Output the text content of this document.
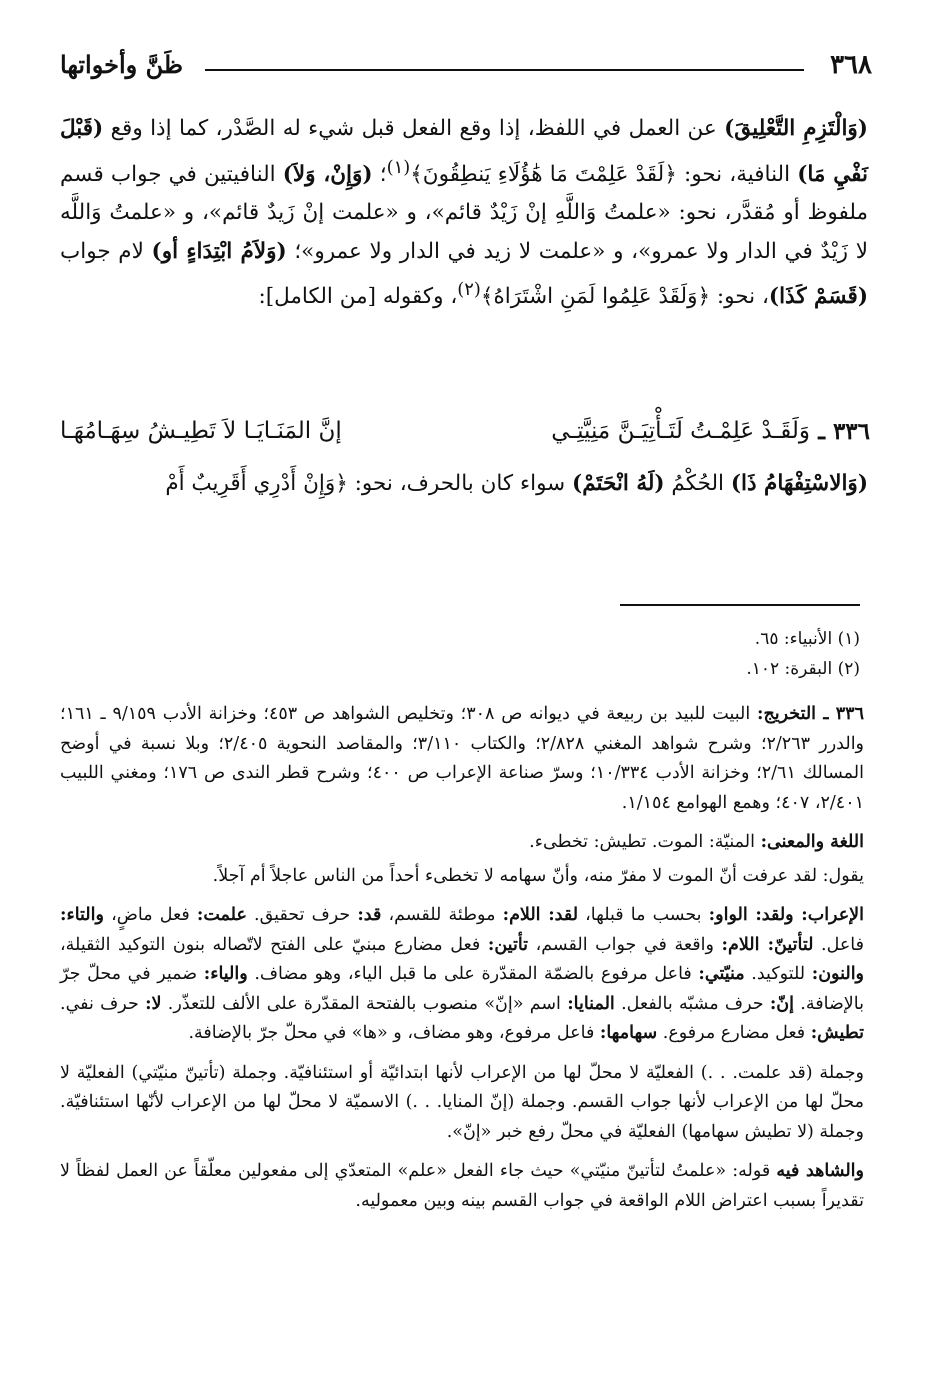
٣٦٨
ظَنَّ وأخواتها

(وَالْتَزِمِ التَّعْلِيقَ) عن العمل في اللفظ، إذا وقع الفعل قبل شيء له الصَّدْر، كما إذا وقع (قَبْلَ نَفْيِ مَا) النافية، نحو: ﴿لَقَدْ عَلِمْتَ مَا هَٰؤُلَاءِ يَنطِقُونَ﴾$^{(١)}$؛ (وَإِنْ، وَلاَ) النافيتين في جواب قسم ملفوظ أو مُقدَّر، نحو: «علمتُ وَاللَّهِ إنْ زَيْدٌ قائم»، و «علمت إنْ زَيدٌ قائم»، و «علمتُ وَاللَّه لا زَيْدٌ في الدار ولا عمرو»، و «علمت لا زيد في الدار ولا عمرو»؛ (وَلاَمُ ابْتِدَاءٍ أو) لام جواب (قَسَمْ كَذَا)، نحو: ﴿وَلَقَدْ عَلِمُوا لَمَنِ اشْتَرَاهُ﴾$^{(٢)}$، وكقوله [من الكامل]:

٣٣٦ ـ
وَلَقَـدْ عَلِمْـتُ لَتَـأْتِيَـنَّ مَنِيَّتِـي
إنَّ المَنَـايَـا لاَ تَطِيـشُ سِهَـامُهَـا
(وَالاسْتِفْهَامُ ذَا) الحُكْمُ (لَهُ انْحَتَمْ) سواء كان بالحرف، نحو: ﴿وَإِنْ أَدْرِي أَقَرِيبٌ أَمْ
(١) الأنبياء: ٦٥.
(٢) البقرة: ١٠٢.

٣٣٦ ـ التخريج: البيت للبيد بن ربيعة في ديوانه ص ٣٠٨؛ وتخليص الشواهد ص ٤٥٣؛ وخزانة الأدب ٩/١٥٩ ـ ١٦١؛ والدرر ٢/٢٦٣؛ وشرح شواهد المغني ٢/٨٢٨؛ والكتاب ٣/١١٠؛ والمقاصد النحوية ٢/٤٠٥؛ وبلا نسبة في أوضح المسالك ٢/٦١؛ وخزانة الأدب ١٠/٣٣٤؛ وسرّ صناعة الإعراب ص ٤٠٠؛ وشرح قطر الندى ص ١٧٦؛ ومغني اللبيب ٢/٤٠١، ٤٠٧؛ وهمع الهوامع ١/١٥٤.

اللغة والمعنى: المنيّة: الموت. تطيش: تخطىء.

يقول: لقد عرفت أنّ الموت لا مفرّ منه، وأنّ سهامه لا تخطىء أحداً من الناس عاجلاً أم آجلاً.

الإعراب: ولقد: الواو: بحسب ما قبلها، لقد: اللام: موطئة للقسم، قد: حرف تحقيق. علمت: فعل ماضٍ، والتاء: فاعل. لتأتينّ: اللام: واقعة في جواب القسم، تأتين: فعل مضارع مبنيّ على الفتح لاتّصاله بنون التوكيد الثقيلة، والنون: للتوكيد. منيّتي: فاعل مرفوع بالضمّة المقدّرة على ما قبل الياء، وهو مضاف. والياء: ضمير في محلّ جرّ بالإضافة. إنّ: حرف مشبّه بالفعل. المنايا: اسم «إنّ» منصوب بالفتحة المقدّرة على الألف للتعذّر. لا: حرف نفي. تطيش: فعل مضارع مرفوع. سهامها: فاعل مرفوع، وهو مضاف، و «ها» في محلّ جرّ بالإضافة.

وجملة (قد علمت. . .) الفعليّة لا محلّ لها من الإعراب لأنها ابتدائيّة أو استئنافيّة. وجملة (تأتينّ منيّتي) الفعليّة لا محلّ لها من الإعراب لأنها جواب القسم. وجملة (إنّ المنايا. . .) الاسميّة لا محلّ لها من الإعراب لأنّها استئنافيّة. وجملة (لا تطيش سهامها) الفعليّة في محلّ رفع خبر «إنّ».

والشاهد فيه قوله: «علمتُ لتأتينّ منيّتي» حيث جاء الفعل «علم» المتعدّي إلى مفعولين معلّقاً عن العمل لفظاً لا تقديراً بسبب اعتراض اللام الواقعة في جواب القسم بينه وبين معموليه.
